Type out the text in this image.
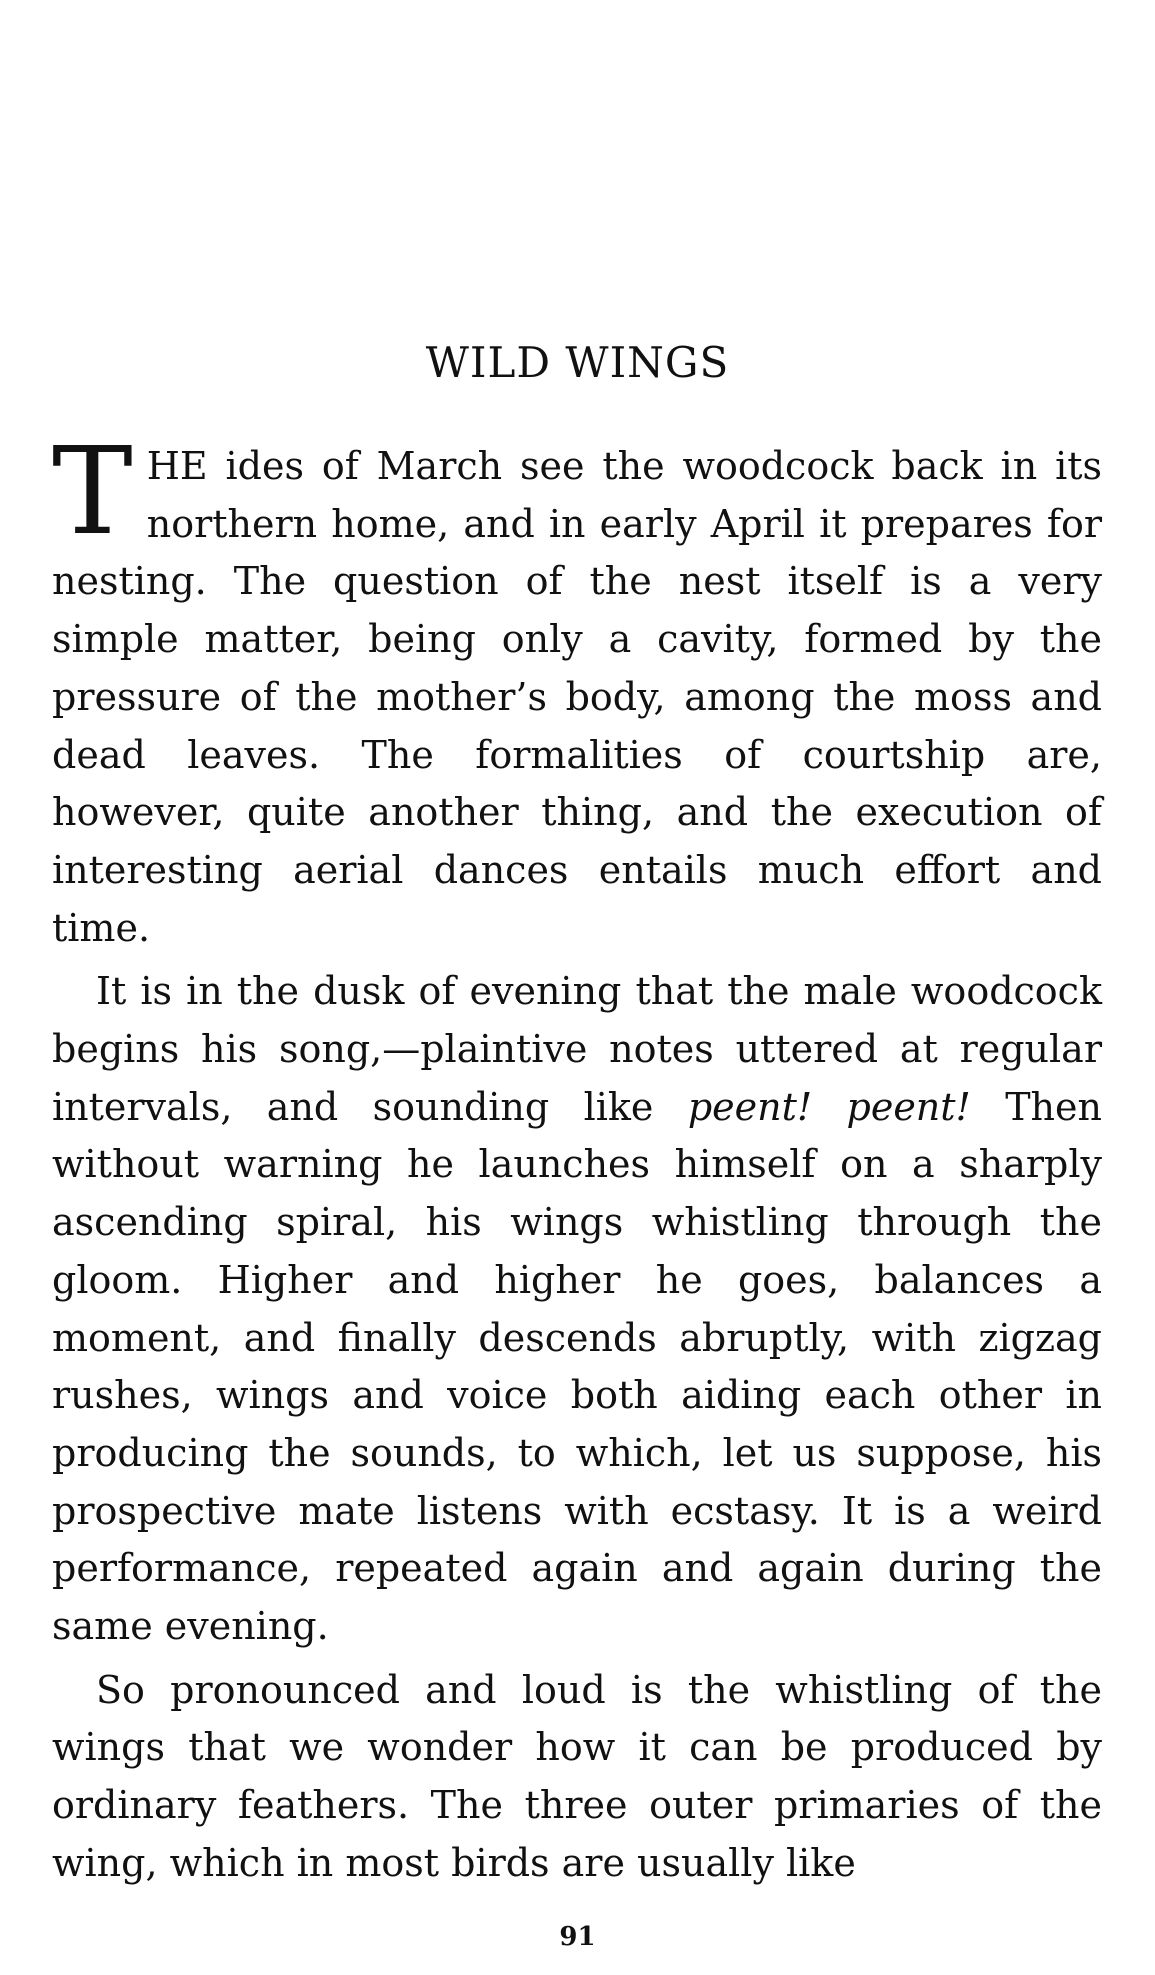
WILD WINGS

THE ides of March see the woodcock back in its northern home, and in early April it prepares for nesting. The question of the nest itself is a very simple matter, being only a cavity, formed by the pressure of the mother’s body, among the moss and dead leaves. The formalities of courtship are, however, quite another thing, and the execution of interesting aerial dances entails much effort and time.

It is in the dusk of evening that the male woodcock begins his song,—plaintive notes uttered at regular intervals, and sounding like peent! peent! Then without warning he launches himself on a sharply ascending spiral, his wings whistling through the gloom. Higher and higher he goes, balances a moment, and finally descends abruptly, with zigzag rushes, wings and voice both aiding each other in producing the sounds, to which, let us suppose, his prospective mate listens with ecstasy. It is a weird performance, repeated again and again during the same evening.

So pronounced and loud is the whistling of the wings that we wonder how it can be produced by ordinary feathers. The three outer primaries of the wing, which in most birds are usually like

91
